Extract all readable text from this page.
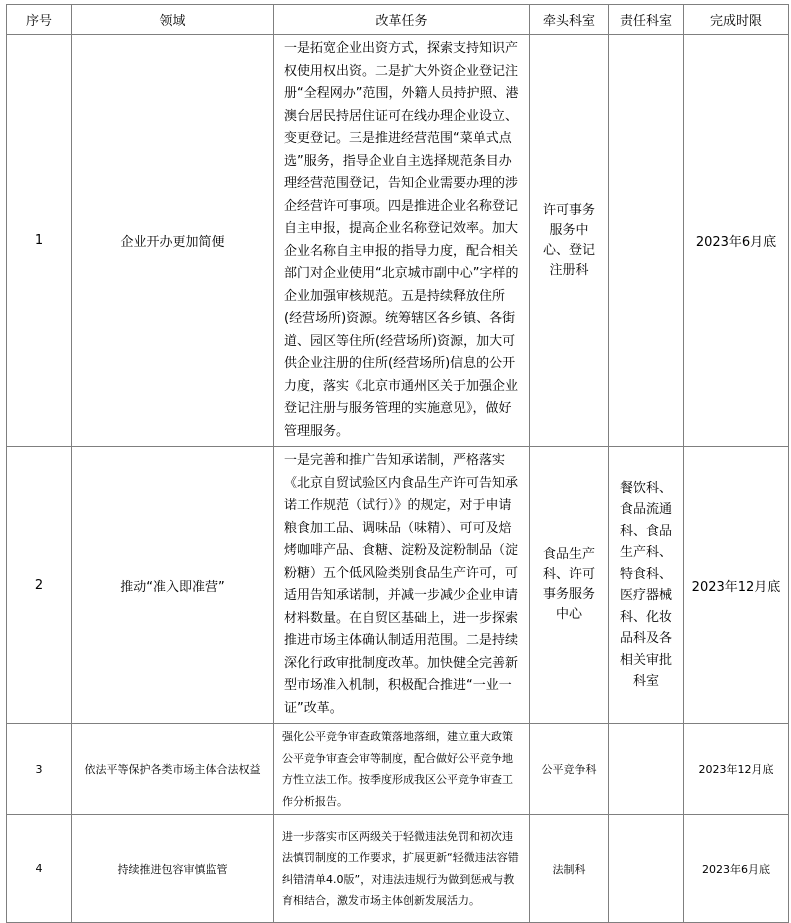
序号	领域	改革任务	牵头科室	责任科室	完成时限
1	企业开办更加简便	一是拓宽企业出资方式，探索支持知识产权使用权出资。二是扩大外资企业登记注册“全程网办”范围，外籍人员持护照、港澳台居民持居住证可在线办理企业设立、变更登记。三是推进经营范围“菜单式点选”服务，指导企业自主选择规范条目办理经营范围登记，告知企业需要办理的涉企经营许可事项。四是推进企业名称登记自主申报，提高企业名称登记效率。加大企业名称自主申报的指导力度，配合相关部门对企业使用“北京城市副中心”字样的企业加强审核规范。五是持续释放住所(经营场所)资源。统筹辖区各乡镇、各街道、园区等住所(经营场所)资源，加大可供企业注册的住所(经营场所)信息的公开力度，落实《北京市通州区关于加强企业登记注册与服务管理的实施意见》，做好管理服务。	许可事务服务中心、登记注册科		2023年6月底
2	推动“准入即准营”	一是完善和推广告知承诺制，严格落实《北京自贸试验区内食品生产许可告知承诺工作规范（试行）》的规定，对于申请粮食加工品、调味品（味精）、可可及焙烤咖啡产品、食糖、淀粉及淀粉制品（淀粉糖）五个低风险类别食品生产许可，可适用告知承诺制，并减一步减少企业申请材料数量。在自贸区基础上，进一步探索推进市场主体确认制适用范围。二是持续深化行政审批制度改革。加快健全完善新型市场准入机制，积极配合推进“一业一证”改革。	食品生产科、许可事务服务中心	餐饮科、食品流通科、食品生产科、特食科、医疗器械科、化妆品科及各相关审批科室	2023年12月底
3	依法平等保护各类市场主体合法权益	强化公平竞争审查政策落地落细，建立重大政策公平竞争审查会审等制度，配合做好公平竞争地方性立法工作。按季度形成我区公平竞争审查工作分析报告。	公平竞争科		2023年12月底
4	持续推进包容审慎监管	进一步落实市区两级关于轻微违法免罚和初次违法慎罚制度的工作要求，扩展更新“轻微违法容错纠错清单4.0版”，对违法违规行为做到惩戒与教育相结合，激发市场主体创新发展活力。	法制科		2023年6月底
